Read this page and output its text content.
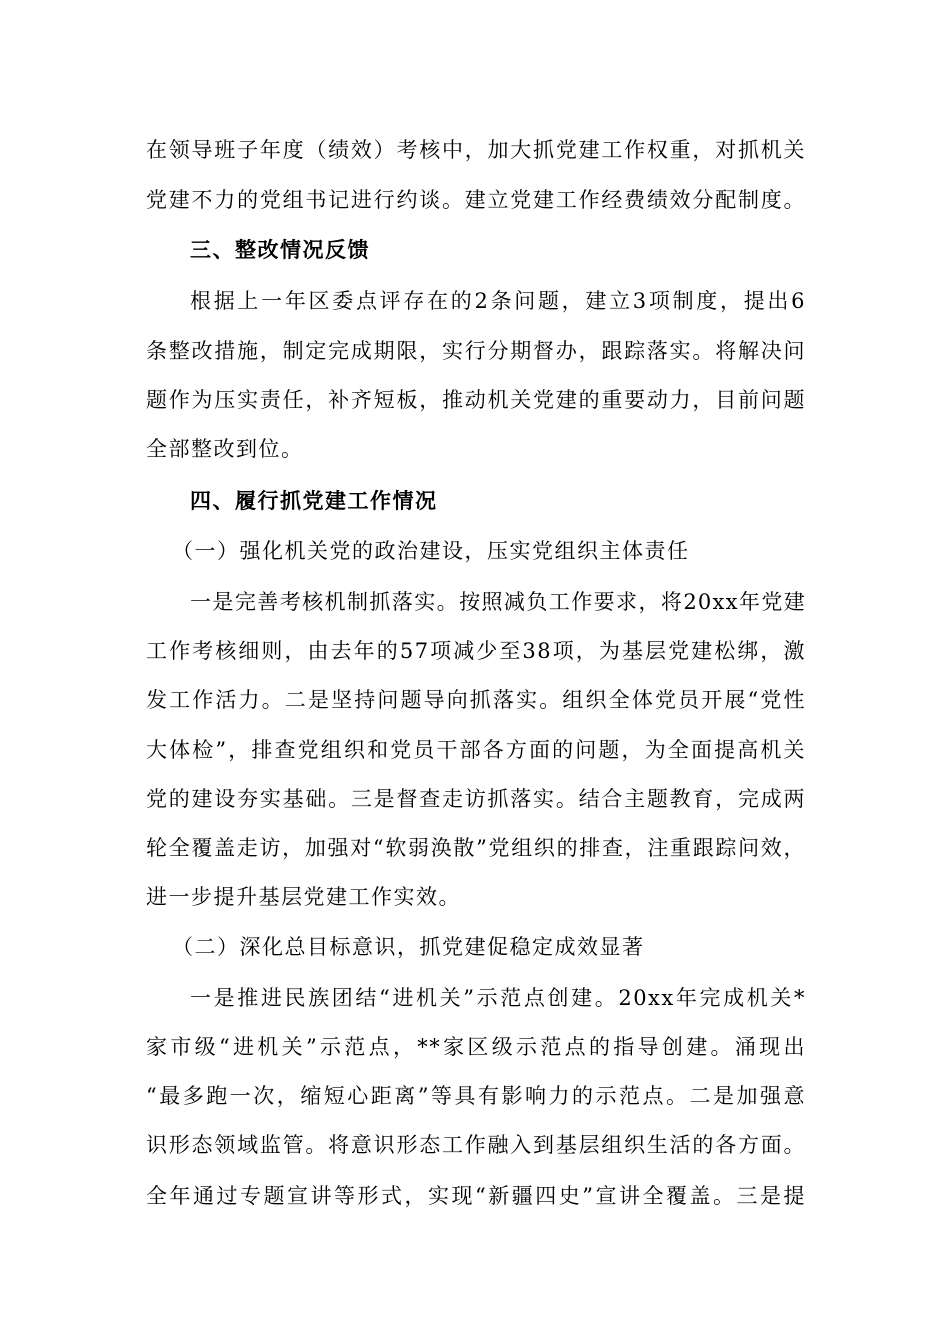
在领导班子年度（绩效）考核中，加大抓党建工作权重，对抓机关
党建不力的党组书记进行约谈。建立党建工作经费绩效分配制度。
三、整改情况反馈
根据上一年区委点评存在的2条问题，建立3项制度，提出6
条整改措施，制定完成期限，实行分期督办，跟踪落实。将解决问
题作为压实责任，补齐短板，推动机关党建的重要动力，目前问题
全部整改到位。
四、履行抓党建工作情况
（一）强化机关党的政治建设，压实党组织主体责任
一是完善考核机制抓落实。按照减负工作要求，将20xx年党建
工作考核细则，由去年的57项减少至38项，为基层党建松绑，激
发工作活力。二是坚持问题导向抓落实。组织全体党员开展“党性
大体检”，排查党组织和党员干部各方面的问题，为全面提高机关
党的建设夯实基础。三是督查走访抓落实。结合主题教育，完成两
轮全覆盖走访，加强对“软弱涣散”党组织的排查，注重跟踪问效，
进一步提升基层党建工作实效。
（二）深化总目标意识，抓党建促稳定成效显著
一是推进民族团结“进机关”示范点创建。20xx年完成机关*
家市级“进机关”示范点，**家区级示范点的指导创建。涌现出
“最多跑一次，缩短心距离”等具有影响力的示范点。二是加强意
识形态领域监管。将意识形态工作融入到基层组织生活的各方面。
全年通过专题宣讲等形式，实现“新疆四史”宣讲全覆盖。三是提
